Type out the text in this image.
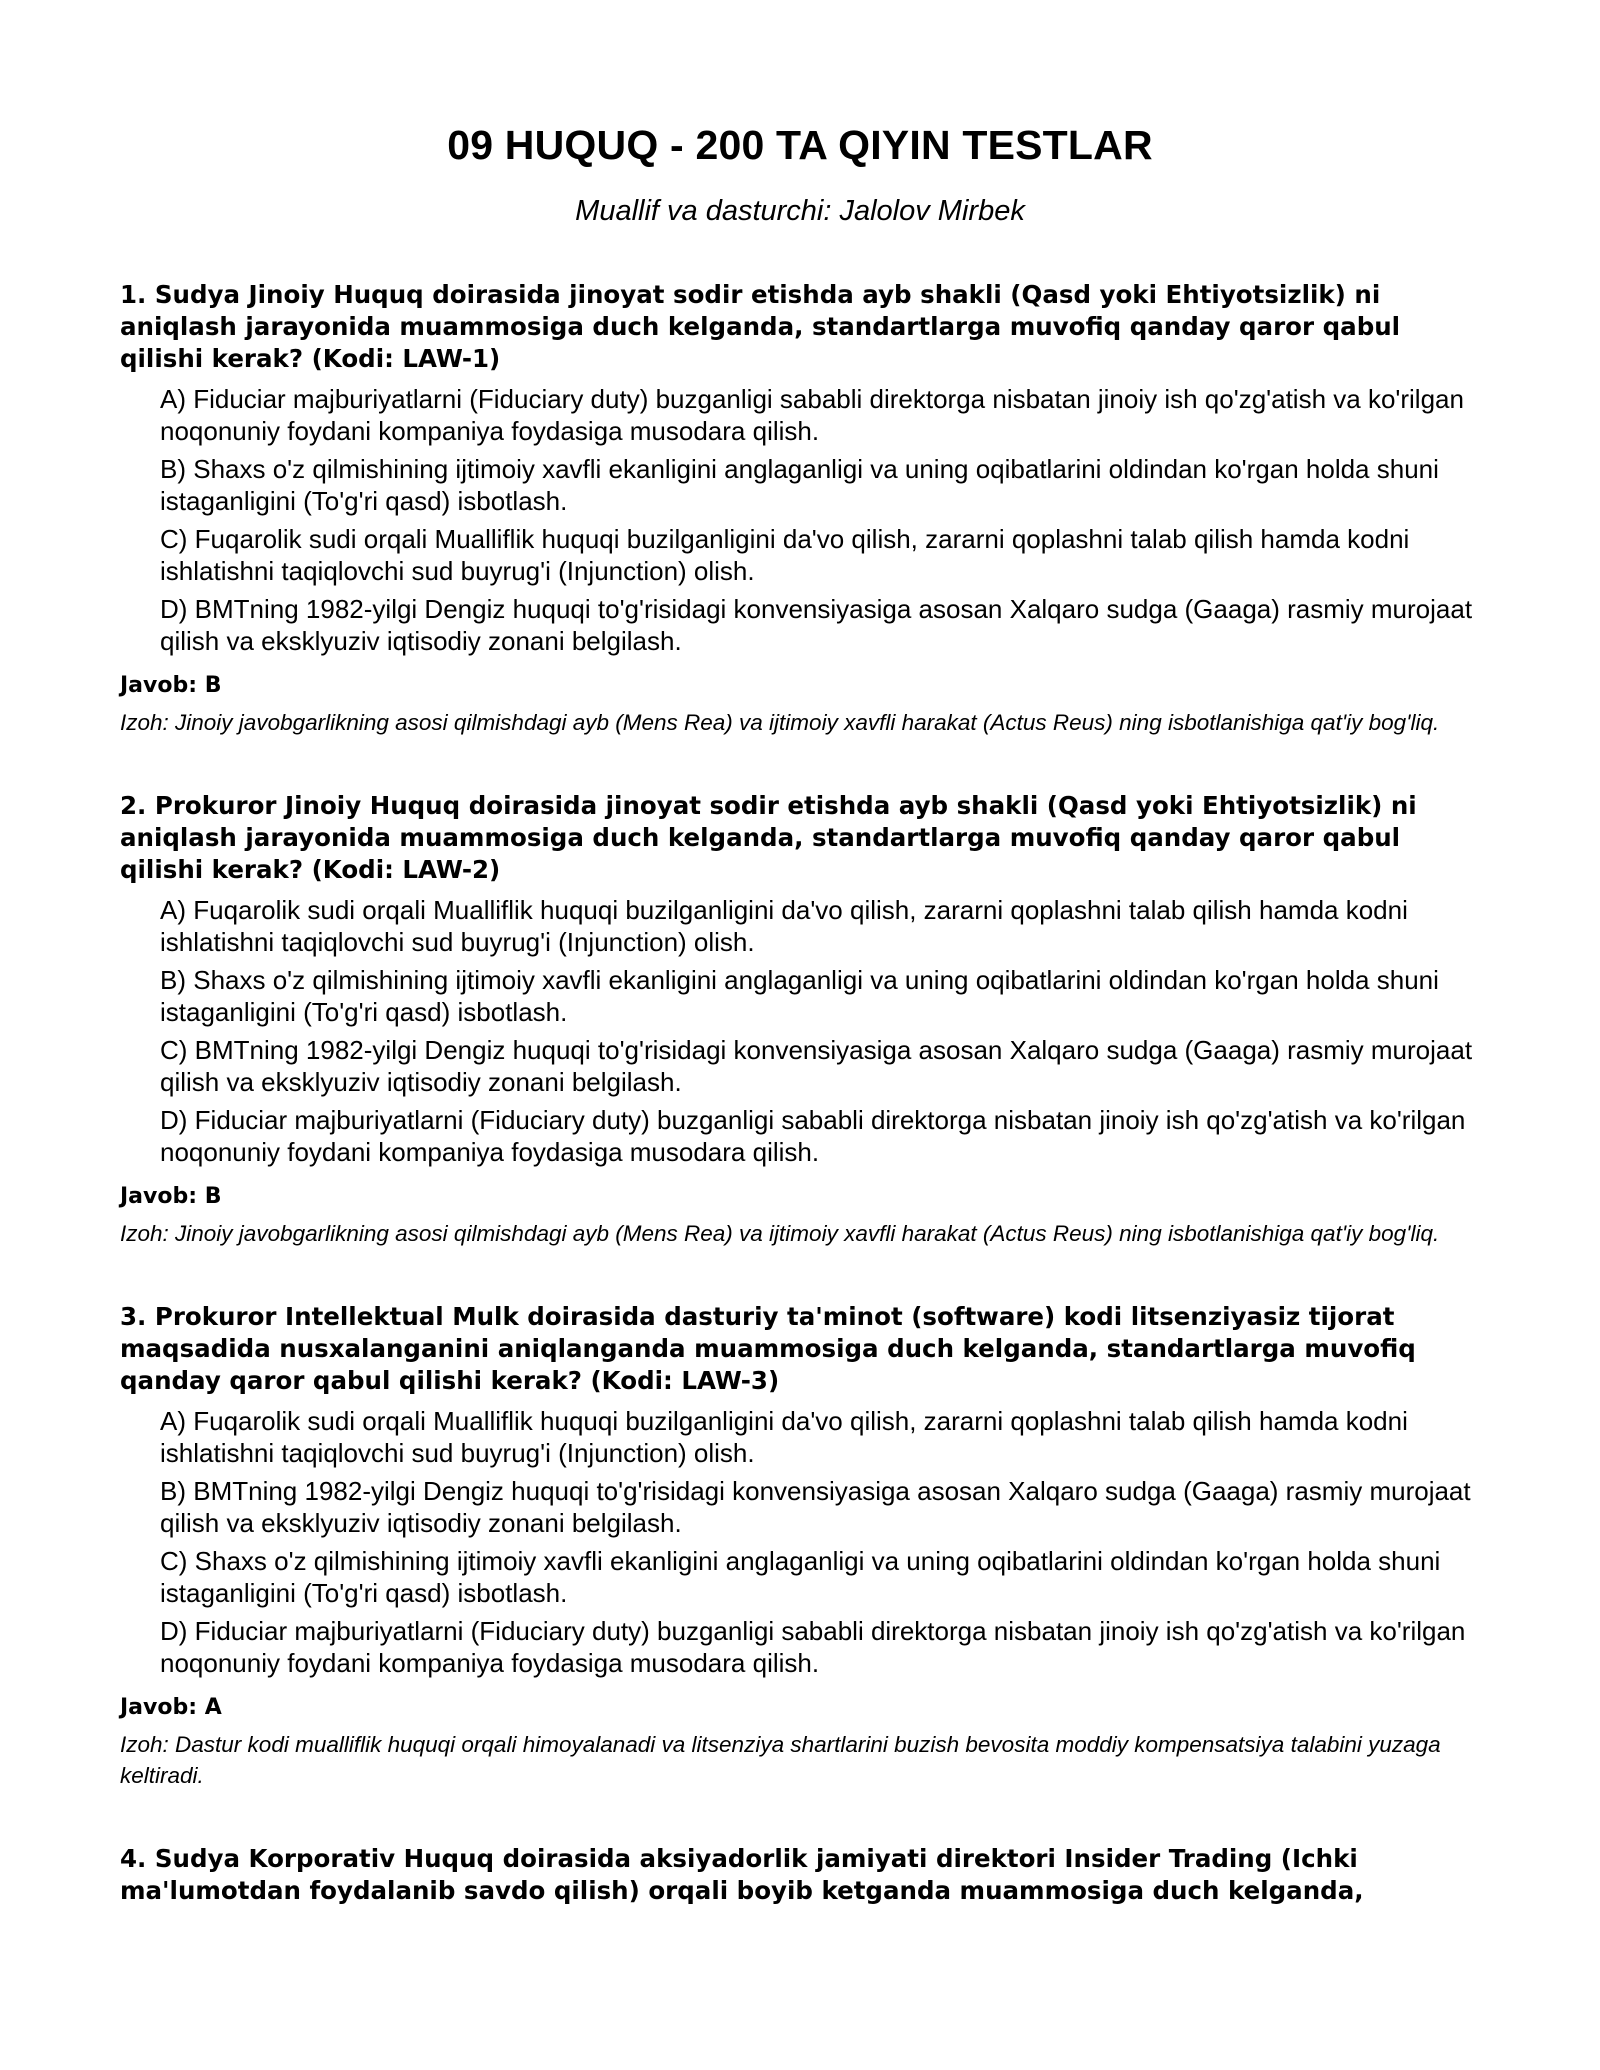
09 HUQUQ - 200 TA QIYIN TESTLAR

Muallif va dasturchi: Jalolov Mirbek

1. Sudya Jinoiy Huquq doirasida jinoyat sodir etishda ayb shakli (Qasd yoki Ehtiyotsizlik) ni aniqlash jarayonida muammosiga duch kelganda, standartlarga muvofiq qanday qaror qabul qilishi kerak? (Kodi: LAW-1)

A) Fiduciar majburiyatlarni (Fiduciary duty) buzganligi sababli direktorga nisbatan jinoiy ish qo'zg'atish va ko'rilgan noqonuniy foydani kompaniya foydasiga musodara qilish.
B) Shaxs o'z qilmishining ijtimoiy xavfli ekanligini anglaganligi va uning oqibatlarini oldindan ko'rgan holda shuni istaganligini (To'g'ri qasd) isbotlash.
C) Fuqarolik sudi orqali Mualliflik huquqi buzilganligini da'vo qilish, zararni qoplashni talab qilish hamda kodni ishlatishni taqiqlovchi sud buyrug'i (Injunction) olish.
D) BMTning 1982-yilgi Dengiz huquqi to'g'risidagi konvensiyasiga asosan Xalqaro sudga (Gaaga) rasmiy murojaat qilish va eksklyuziv iqtisodiy zonani belgilash.

Javob: B

Izoh: Jinoiy javobgarlikning asosi qilmishdagi ayb (Mens Rea) va ijtimoiy xavfli harakat (Actus Reus) ning isbotlanishiga qat'iy bog'liq.

2. Prokuror Jinoiy Huquq doirasida jinoyat sodir etishda ayb shakli (Qasd yoki Ehtiyotsizlik) ni aniqlash jarayonida muammosiga duch kelganda, standartlarga muvofiq qanday qaror qabul qilishi kerak? (Kodi: LAW-2)

A) Fuqarolik sudi orqali Mualliflik huquqi buzilganligini da'vo qilish, zararni qoplashni talab qilish hamda kodni ishlatishni taqiqlovchi sud buyrug'i (Injunction) olish.
B) Shaxs o'z qilmishining ijtimoiy xavfli ekanligini anglaganligi va uning oqibatlarini oldindan ko'rgan holda shuni istaganligini (To'g'ri qasd) isbotlash.
C) BMTning 1982-yilgi Dengiz huquqi to'g'risidagi konvensiyasiga asosan Xalqaro sudga (Gaaga) rasmiy murojaat qilish va eksklyuziv iqtisodiy zonani belgilash.
D) Fiduciar majburiyatlarni (Fiduciary duty) buzganligi sababli direktorga nisbatan jinoiy ish qo'zg'atish va ko'rilgan noqonuniy foydani kompaniya foydasiga musodara qilish.

Javob: B

Izoh: Jinoiy javobgarlikning asosi qilmishdagi ayb (Mens Rea) va ijtimoiy xavfli harakat (Actus Reus) ning isbotlanishiga qat'iy bog'liq.

3. Prokuror Intellektual Mulk doirasida dasturiy ta'minot (software) kodi litsenziyasiz tijorat maqsadida nusxalanganini aniqlanganda muammosiga duch kelganda, standartlarga muvofiq qanday qaror qabul qilishi kerak? (Kodi: LAW-3)

A) Fuqarolik sudi orqali Mualliflik huquqi buzilganligini da'vo qilish, zararni qoplashni talab qilish hamda kodni ishlatishni taqiqlovchi sud buyrug'i (Injunction) olish.
B) BMTning 1982-yilgi Dengiz huquqi to'g'risidagi konvensiyasiga asosan Xalqaro sudga (Gaaga) rasmiy murojaat qilish va eksklyuziv iqtisodiy zonani belgilash.
C) Shaxs o'z qilmishining ijtimoiy xavfli ekanligini anglaganligi va uning oqibatlarini oldindan ko'rgan holda shuni istaganligini (To'g'ri qasd) isbotlash.
D) Fiduciar majburiyatlarni (Fiduciary duty) buzganligi sababli direktorga nisbatan jinoiy ish qo'zg'atish va ko'rilgan noqonuniy foydani kompaniya foydasiga musodara qilish.

Javob: A

Izoh: Dastur kodi mualliflik huquqi orqali himoyalanadi va litsenziya shartlarini buzish bevosita moddiy kompensatsiya talabini yuzaga keltiradi.

4. Sudya Korporativ Huquq doirasida aksiyadorlik jamiyati direktori Insider Trading (Ichki ma'lumotdan foydalanib savdo qilish) orqali boyib ketganda muammosiga duch kelganda,
